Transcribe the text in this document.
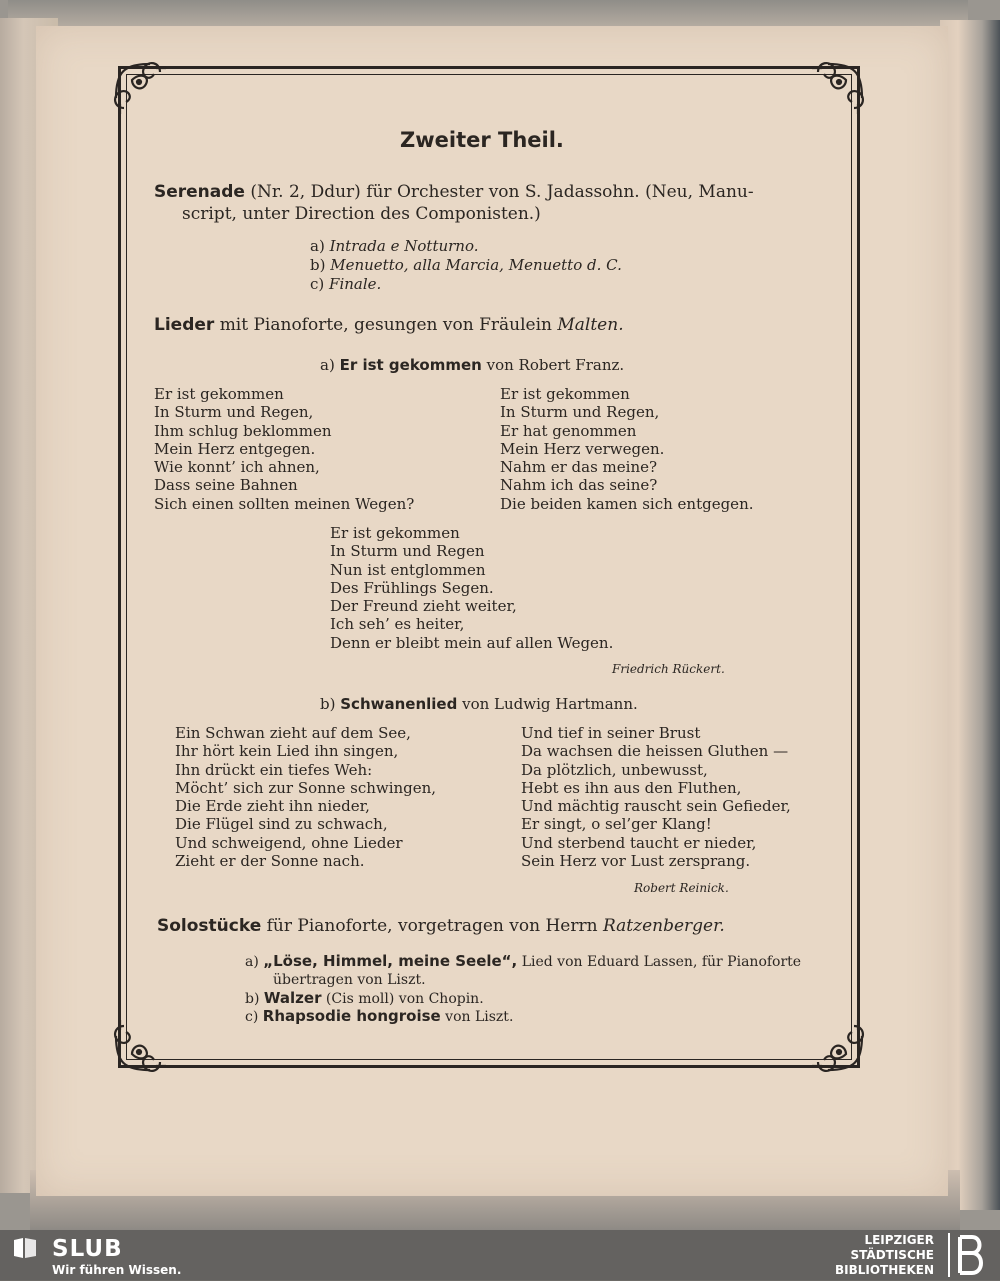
Zweiter Theil.
Serenade (Nr. 2, Ddur) für Orchester von S. Jadassohn. (Neu, Manu-
script, unter Direction des Componisten.)
a) Intrada e Notturno.
b) Menuetto, alla Marcia, Menuetto d. C.
c) Finale.
Lieder mit Pianoforte, gesungen von Fräulein Malten.
a) Er ist gekommen von Robert Franz.
Er ist gekommen
In Sturm und Regen,
Ihm schlug beklommen
Mein Herz entgegen.
Wie konnt’ ich ahnen,
Dass seine Bahnen
Sich einen sollten meinen Wegen?
Er ist gekommen
In Sturm und Regen,
Er hat genommen
Mein Herz verwegen.
Nahm er das meine?
Nahm ich das seine?
Die beiden kamen sich entgegen.
Er ist gekommen
In Sturm und Regen
Nun ist entglommen
Des Frühlings Segen.
Der Freund zieht weiter,
Ich seh’ es heiter,
Denn er bleibt mein auf allen Wegen.
Friedrich Rückert.
b) Schwanenlied von Ludwig Hartmann.
Ein Schwan zieht auf dem See,
Ihr hört kein Lied ihn singen,
Ihn drückt ein tiefes Weh:
Möcht’ sich zur Sonne schwingen,
Die Erde zieht ihn nieder,
Die Flügel sind zu schwach,
Und schweigend, ohne Lieder
Zieht er der Sonne nach.
Und tief in seiner Brust
Da wachsen die heissen Gluthen —
Da plötzlich, unbewusst,
Hebt es ihn aus den Fluthen,
Und mächtig rauscht sein Gefieder,
Er singt, o sel’ger Klang!
Und sterbend taucht er nieder,
Sein Herz vor Lust zersprang.
Robert Reinick.
Solostücke für Pianoforte, vorgetragen von Herrn Ratzenberger.
a) „Löse, Himmel, meine Seele“, Lied von Eduard Lassen, für Pianoforte
übertragen von Liszt.
b) Walzer (Cis moll) von Chopin.
c) Rhapsodie hongroise von Liszt.
SLUB
Wir führen Wissen.
LEIPZIGER
STÄDTISCHE
BIBLIOTHEKEN
